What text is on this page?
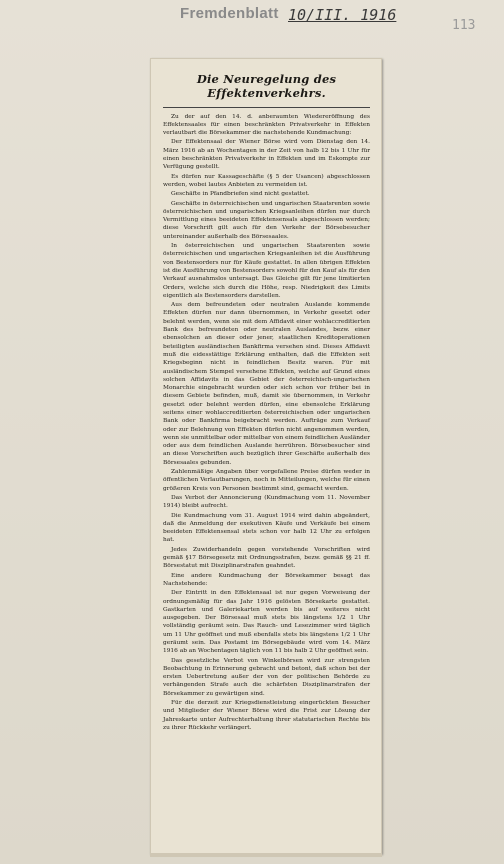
Fremdenblatt 10/III. 1916
113
Die Neuregelung des Effektenverkehrs.

Zu der auf den 14. d. anberaumten Wiedereröffnung des Effektensaales für einen beschränkten Privatverkehr in Effekten verlautbart die Börsekammer die nachstehende Kundmachung:

Der Effektensaal der Wiener Börse wird vom Dienstag den 14. März 1916 ab an Wochentagen in der Zeit von halb 12 bis 1 Uhr für einen beschränkten Privatverkehr in Effekten und im Eskompte zur Verfügung gestellt.

Es dürfen nur Kassageschäfte (§ 5 der Usancen) abgeschlossen werden, wobei lautes Anbieten zu vermeiden ist.

Geschäfte in Pfandbriefen sind nicht gestattet.

Geschäfte in österreichischen und ungarischen Staatsrenten sowie österreichischen und ungarischen Kriegsanleihen dürfen nur durch Vermittlung eines beeideten Effektensensals abgeschlossen werden; diese Vorschrift gilt auch für den Verkehr der Börsebesucher untereinander außerhalb des Börsesaales.

In österreichischen und ungarischen Staatsrenten sowie österreichischen und ungarischen Kriegsanleihen ist die Ausführung von Bestensorders nur für Käufe gestattet. In allen übrigen Effekten ist die Ausführung von Bestensorders sowohl für den Kauf als für den Verkauf ausnahmslos untersagt. Das Gleiche gilt für jene limitierten Orders, welche sich durch die Höhe, resp. Niedrigkeit des Limits eigentlich als Bestensorders darstellen.

Aus dem befreundeten oder neutralen Auslande kommende Effekten dürfen nur dann übernommen, in Verkehr gesetzt oder belehnt werden, wenn sie mit dem Affidavit einer wohlaccreditierten Bank des befreundeten oder neutralen Auslandes, bezw. einer ebensolchen an dieser oder jener, staatlichen Kreditoperationen beteiligten ausländischen Bankfirma versehen sind. Dieses Affidavit muß die eidesstättige Erklärung enthalten, daß die Effekten seit Kriegsbeginn nicht in feindlichen Besitz waren. Für mit ausländischem Stempel versehene Effekten, welche auf Grund eines solchen Affidavits in das Gebiet der österreichisch-ungarischen Monarchie eingebracht wurden oder sich schon vor früher bei in diesem Gebiete befinden, muß, damit sie übernommen, in Verkehr gesetzt oder belehnt werden dürfen, eine ebensolche Erklärung seitens einer wohlaccreditierten österreichischen oder ungarischen Bank oder Bankfirma beigebracht werden. Aufträge zum Verkauf oder zur Belehnung von Effekten dürfen nicht angenommen werden, wenn sie unmittelbar oder mittelbar von einem feindlichen Ausländer oder aus dem feindlichen Auslande herrühren. Börsebesucher sind an diese Vorschriften auch bezüglich ihrer Geschäfte außerhalb des Börsesaales gebunden.

Zahlenmäßige Angaben über vorgefallene Preise dürfen weder in öffentlichen Verlautbarungen, noch in Mitteilungen, welche für einen größeren Kreis von Personen bestimmt sind, gemacht werden.

Das Verbot der Annoncierung (Kundmachung vom 11. November 1914) bleibt aufrecht.

Die Kundmachung vom 31. August 1914 wird dahin abgeändert, daß die Anmeldung der exekutiven Käufe und Verkäufe bei einem beeideten Effektensensal stets schon vor halb 12 Uhr zu erfolgen hat.

Jedes Zuwiderhandeln gegen vorstehende Vorschriften wird gemäß §17 Börsegesetz mit Ordnungsstrafen, bezw. gemäß §§ 21 ff. Börsestatut mit Disziplinarstrafen geahndet.

Eine andere Kundmachung der Börsekammer besagt das Nachstehende:

Der Eintritt in den Effektensaal ist nur gegen Vorweisung der ordnungsmäßig für das Jahr 1916 gelösten Börsekarte gestattet. Gastkarten und Galeriekarten werden bis auf weiteres nicht ausgegeben. Der Börsesaal muß stets bis längstens 1/2 1 Uhr vollständig geräumt sein. Das Rauch- und Lesezimmer wird täglich um 11 Uhr geöffnet und muß ebenfalls stets bis längstens 1/2 1 Uhr geräumt sein. Das Postamt im Börsegebäude wird vom 14. März 1916 ab an Wochentagen täglich von 11 bis halb 2 Uhr geöffnet sein.

Das gesetzliche Verbot von Winkelbörsen wird zur strengsten Beobachtung in Erinnerung gebracht und betont, daß schon bei der ersten Uebertretung außer der von der politischen Behörde zu verhängenden Strafe auch die schärfsten Disziplinarstrafen der Börsekammer zu gewärtigen sind.

Für die derzeit zur Kriegsdienstleistung eingerückten Besucher und Mitglieder der Wiener Börse wird die Frist zur Lösung der Jahreskarte unter Aufrechterhaltung ihrer statutarischen Rechte bis zu ihrer Rückkehr verlängert.
